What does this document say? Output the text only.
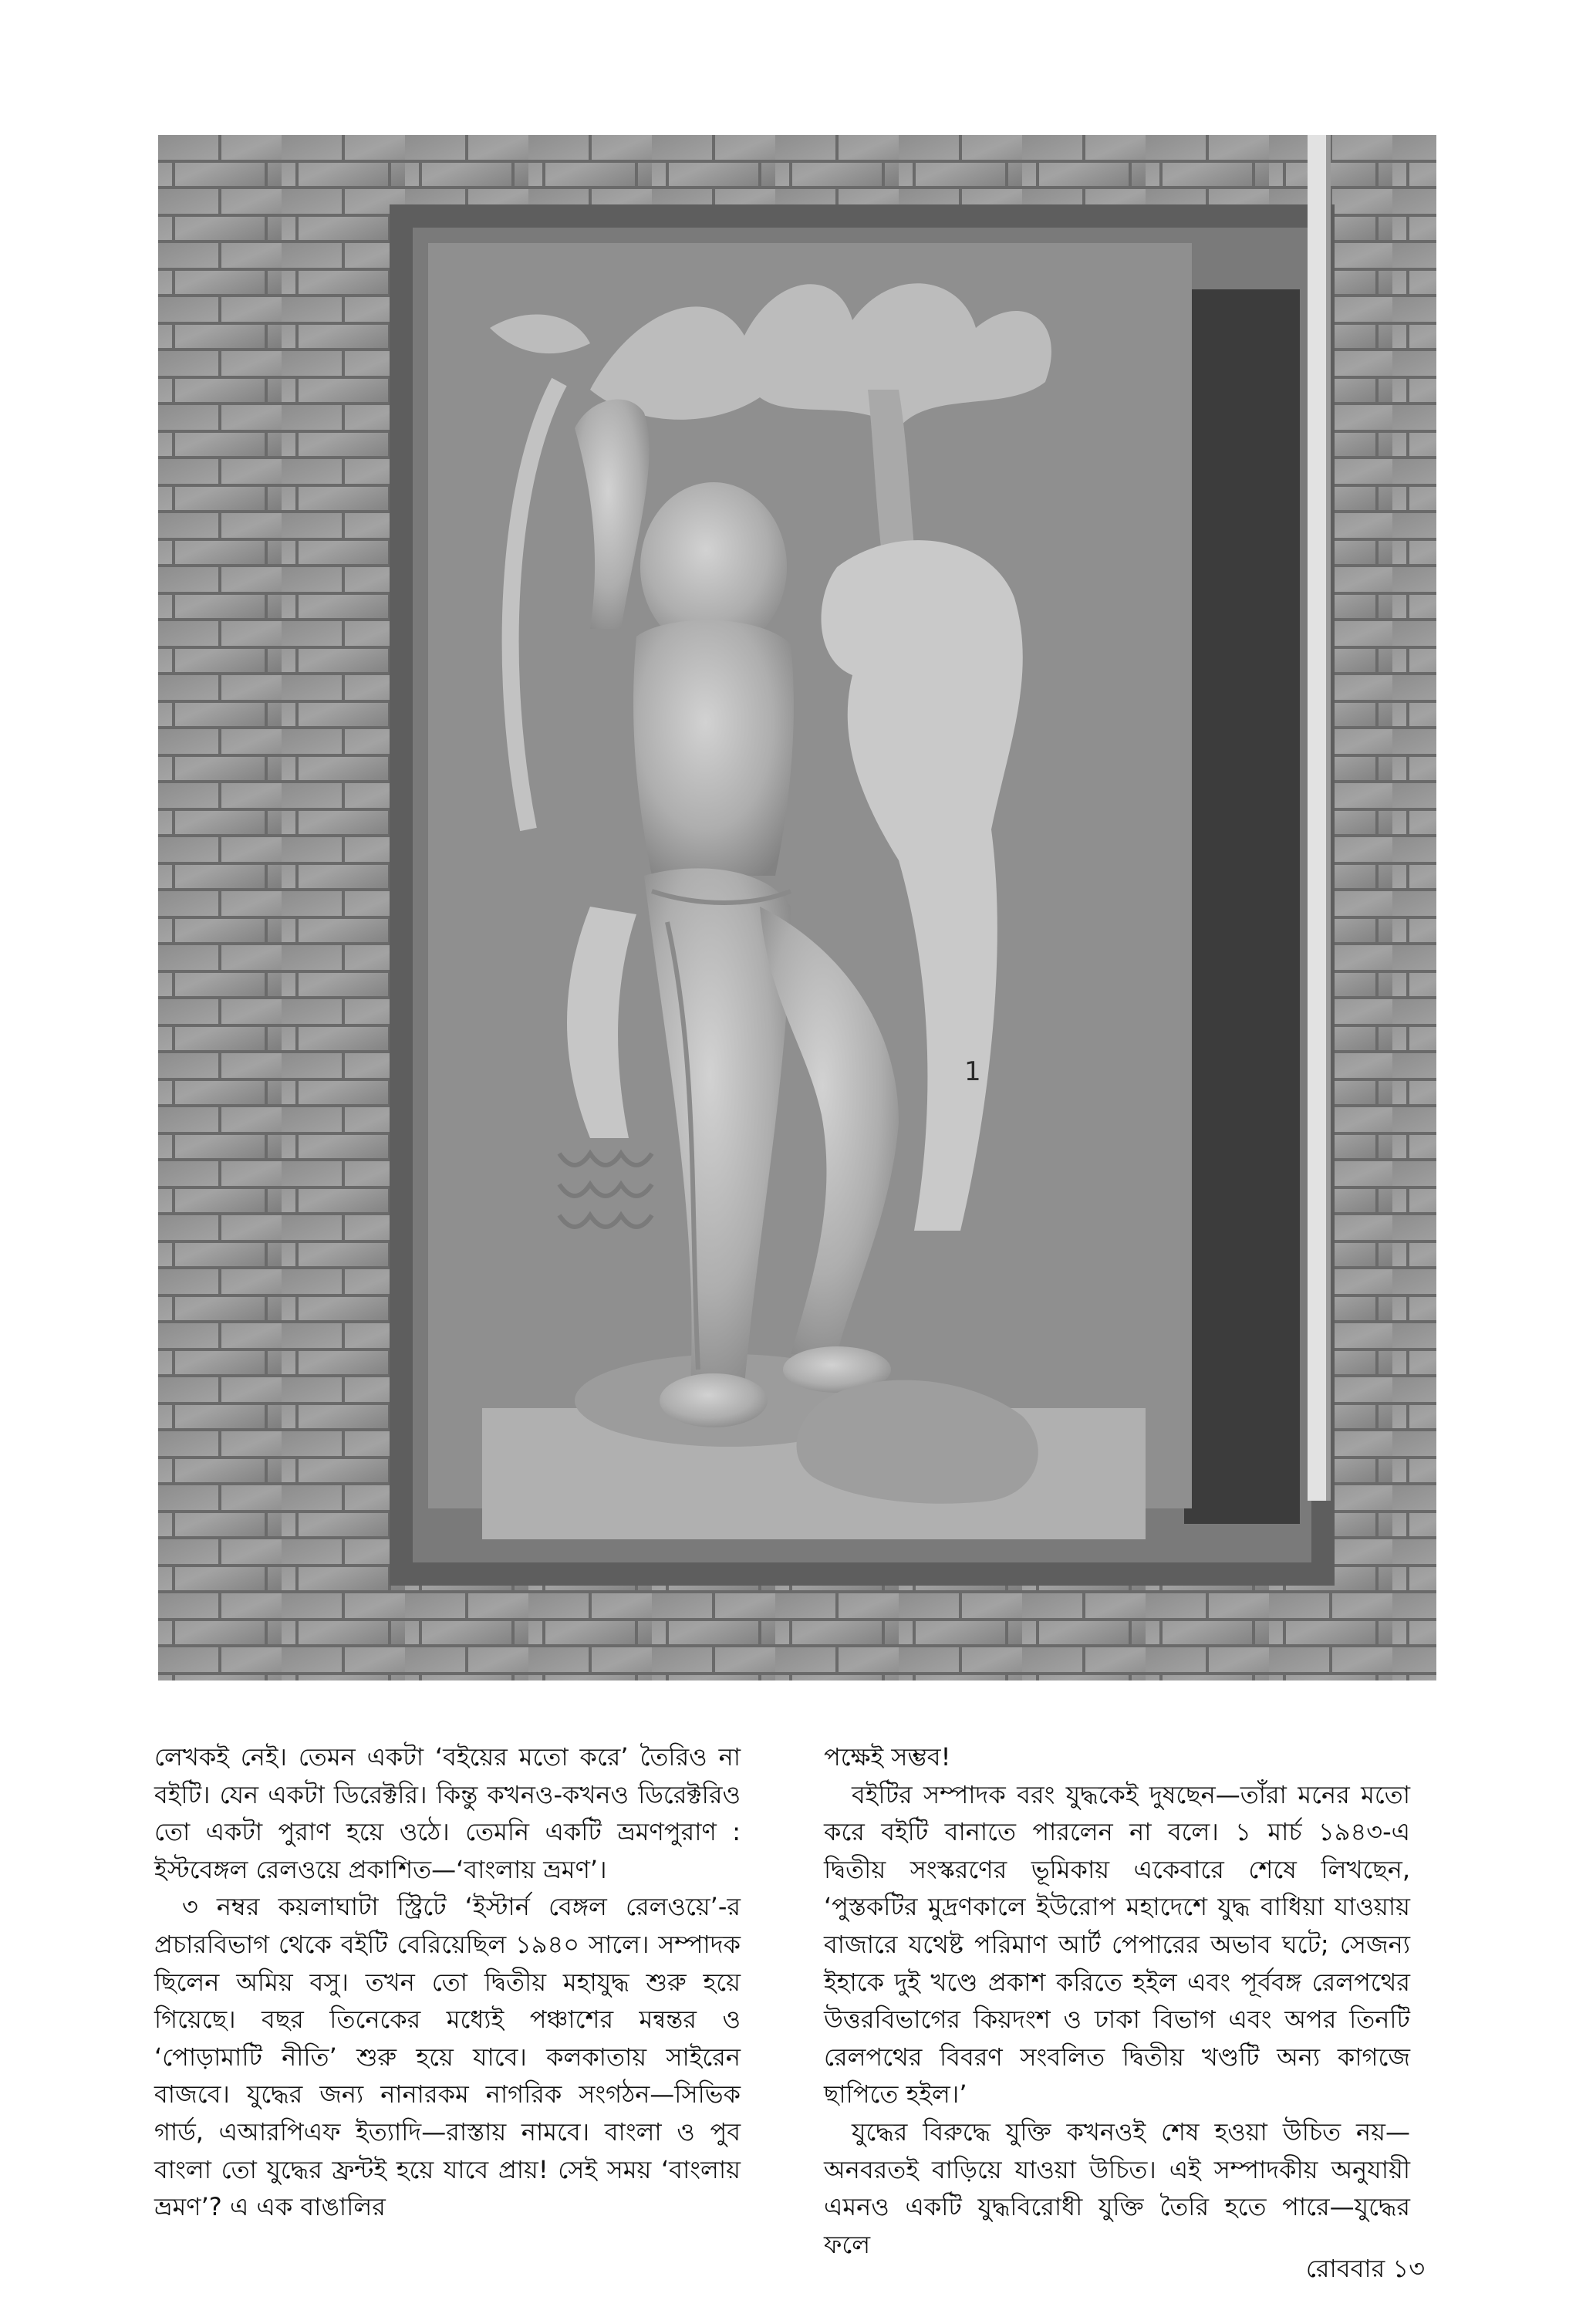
1

লেখকই নেই। তেমন একটা ‘বইয়ের মতো করে’ তৈরিও না বইটি। যেন একটা ডিরেক্টরি। কিন্তু কখনও-কখনও ডিরেক্টরিও তো একটা পুরাণ হয়ে ওঠে। তেমনি একটি ভ্রমণপুরাণ : ইস্টবেঙ্গল রেলওয়ে প্রকাশিত—‘বাংলায় ভ্রমণ’।

৩ নম্বর কয়লাঘাটা স্ট্রিটে ‘ইস্টার্ন বেঙ্গল রেলওয়ে’-র প্রচারবিভাগ থেকে বইটি বেরিয়েছিল ১৯৪০ সালে। সম্পাদক ছিলেন অমিয় বসু। তখন তো দ্বিতীয় মহাযুদ্ধ শুরু হয়ে গিয়েছে। বছর তিনেকের মধ্যেই পঞ্চাশের মন্বন্তর ও ‘পোড়ামাটি নীতি’ শুরু হয়ে যাবে। কলকাতায় সাইরেন বাজবে। যুদ্ধের জন্য নানারকম নাগরিক সংগঠন—সিভিক গার্ড, এআরপিএফ ইত্যাদি—রাস্তায় নামবে। বাংলা ও পুব বাংলা তো যুদ্ধের ফ্রন্টই হয়ে যাবে প্রায়! সেই সময় ‘বাংলায় ভ্রমণ’? এ এক বাঙালির

পক্ষেই সম্ভব!

বইটির সম্পাদক বরং যুদ্ধকেই দুষছেন—তাঁরা মনের মতো করে বইটি বানাতে পারলেন না বলে। ১ মার্চ ১৯৪৩-এ দ্বিতীয় সংস্করণের ভূমিকায় একেবারে শেষে লিখছেন, ‘পুস্তকটির মুদ্রণকালে ইউরোপ মহাদেশে যুদ্ধ বাধিয়া যাওয়ায় বাজারে যথেষ্ট পরিমাণ আর্ট পেপারের অভাব ঘটে; সেজন্য ইহাকে দুই খণ্ডে প্রকাশ করিতে হইল এবং পূর্ববঙ্গ রেলপথের উত্তরবিভাগের কিয়দংশ ও ঢাকা বিভাগ এবং অপর তিনটি রেলপথের বিবরণ সংবলিত দ্বিতীয় খণ্ডটি অন্য কাগজে ছাপিতে হইল।’

যুদ্ধের বিরুদ্ধে যুক্তি কখনওই শেষ হওয়া উচিত নয়—অনবরতই বাড়িয়ে যাওয়া উচিত। এই সম্পাদকীয় অনুযায়ী এমনও একটি যুদ্ধবিরোধী যুক্তি তৈরি হতে পারে—যুদ্ধের ফলে

রোববার ১৩
